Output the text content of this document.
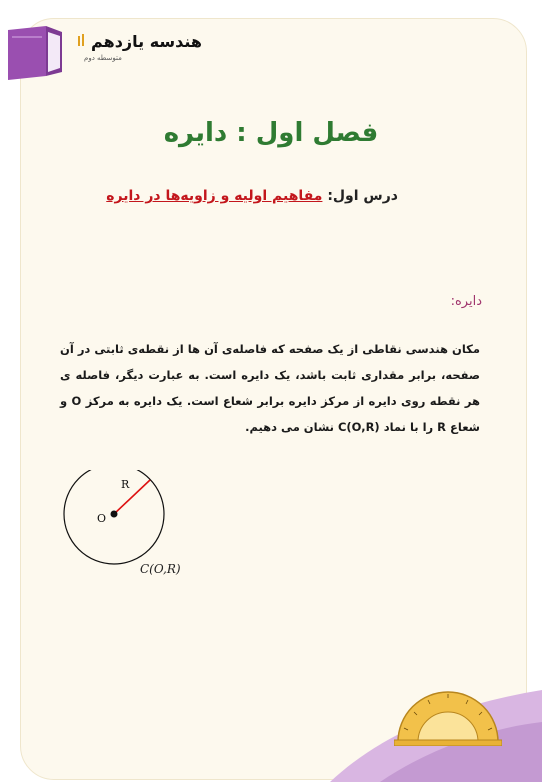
هندسه یازدهم
متوسطه دوم
فصل اول : دایره
درس اول: مفاهیم اولیه و زاویه‌ها در دایره
دایره:
مکان هندسی نقاطی از یک صفحه که فاصله‌ی آن ها از نقطه‌ی ثابتی در آن صفحه، برابر مقداری ثابت باشد، یک دایره است. به عبارت دیگر، فاصله ی هر نقطه روی دایره از مرکز دایره برابر شعاع است. یک دایره به مرکز O و شعاع R را با نماد C(O,R) نشان می دهیم.
R
O
C(O,R)
